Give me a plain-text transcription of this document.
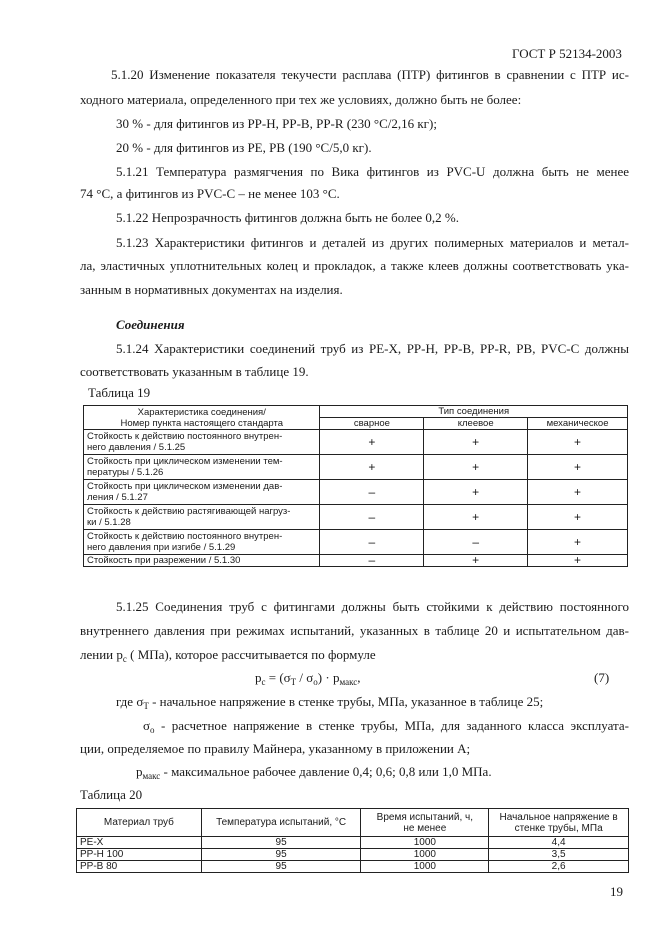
ГОСТ Р 52134-2003
5.1.20 Изменение показателя текучести расплава (ПТР) фитингов в сравнении с ПТР ис-
ходного материала, определенного при тех же условиях, должно быть не более:
30 % - для фитингов из PP-H, PP-B, PP-R (230 °С/2,16 кг);
20 % - для фитингов из PE, PB (190 °С/5,0 кг).
5.1.21 Температура размягчения по Вика фитингов из PVC-U должна быть не менее
74 °С, а фитингов из PVC-C – не менее 103 °С.
5.1.22 Непрозрачность фитингов должна быть не более 0,2 %.
5.1.23 Характеристики фитингов и деталей из других полимерных материалов и метал-
ла, эластичных уплотнительных колец и прокладок, а также клеев должны соответствовать ука-
занным в нормативных документах на изделия.
Соединения
5.1.24 Характеристики соединений труб из PE-X, PP-H, PP-B, PP-R, PB, PVC-C должны
соответствовать указанным в таблице 19.
Таблица 19
Характеристика соединения/
Номер пункта настоящего стандарта	Тип соединения		
	сварное	клеевое	механическое
Стойкость к действию постоянного внутрен-
него давления / 5.1.25	+	+	+
Стойкость при циклическом изменении тем-
пературы / 5.1.26	+	+	+
Стойкость при циклическом изменении дав-
ления / 5.1.27	–	+	+
Стойкость к действию растягивающей нагруз-
ки / 5.1.28	–	+	+
Стойкость к действию постоянного внутрен-
него давления при изгибе / 5.1.29	–	–	+
Стойкость при разрежении / 5.1.30	–	+	+
5.1.25 Соединения труб с фитингами должны быть стойкими к действию постоянного
внутреннего давления при режимах испытаний, указанных в таблице 20 и испытательном дав-
лении $p_c$ ( МПа), которое рассчитывается по формуле
$p_c = (\sigma_T / \sigma_o) \cdot p_{макс}$,	(7)
где $\sigma_T$ - начальное напряжение в стенке трубы, МПа, указанное в таблице 25;
$\sigma_o$ - расчетное напряжение в стенке трубы, МПа, для заданного класса эксплуата-
ции, определяемое по правилу Майнера, указанному в приложении А;
$p_{макс}$ - максимальное рабочее давление 0,4; 0,6; 0,8 или 1,0 МПа.
Таблица 20
Материал труб	Температура испытаний, °С	Время испытаний, ч,
не менее	Начальное напряжение в
стенке трубы, МПа
PE-X	95	1000	4,4
PP-H 100	95	1000	3,5
PP-B 80	95	1000	2,6
19
